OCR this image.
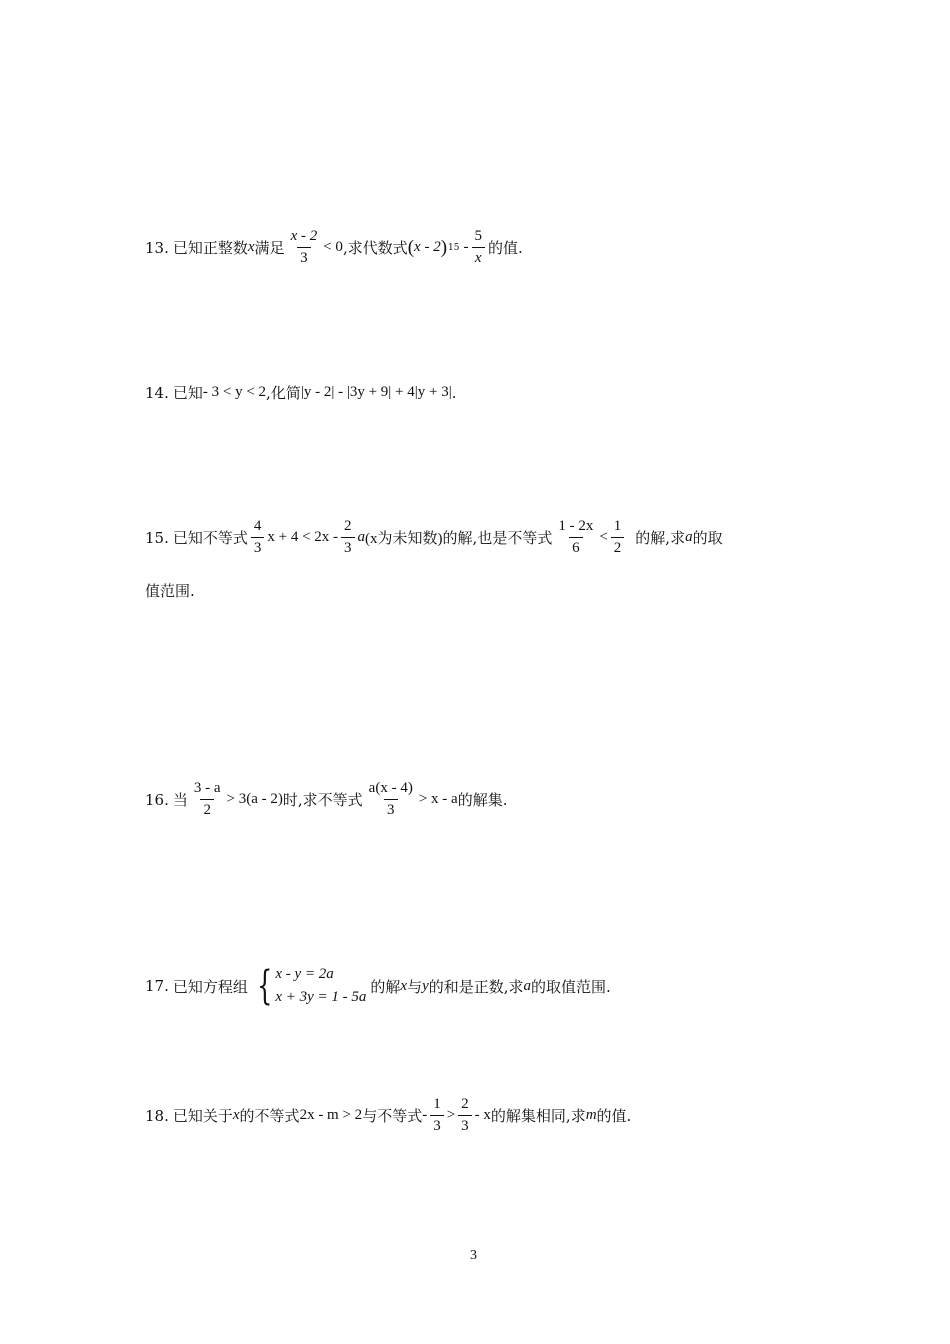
13. 已知正整数 x 满足 $\frac{x - 2}{3} < 0$ ,求代数式 ( x - 2 ) $15 - \frac{5}{x}$ 的值.
14. 已知 - 3 < y < 2 ,化简 |y - 2| - |3y + 9| + 4|y + 3| .
15. 已知不等式 $\frac{4}{3}$ $x + 4 < 2x - \frac{2}{3}$ a (x为未知数) 的解,也是不等式 $\frac{1 - 2x}{6} < \frac{1}{2}$ 的解,求 a 的取
值范围.
16. 当 $\frac{3 - a}{2} > 3(a - 2)$ 时,求不等式 $\frac{a(x - 4)}{3} > x - a$ 的解集.
17. 已知方程组 { x - y = 2a
x + 3y = 1 - 5a
的解 x 与 y 的和是正数,求 a 的取值范围.
18. 已知关于 x 的不等式 2x - m > 2 与不等式 - $\frac{1}{3} > \frac{2}{3} - x$ 的解集相同,求 m 的值.
3
